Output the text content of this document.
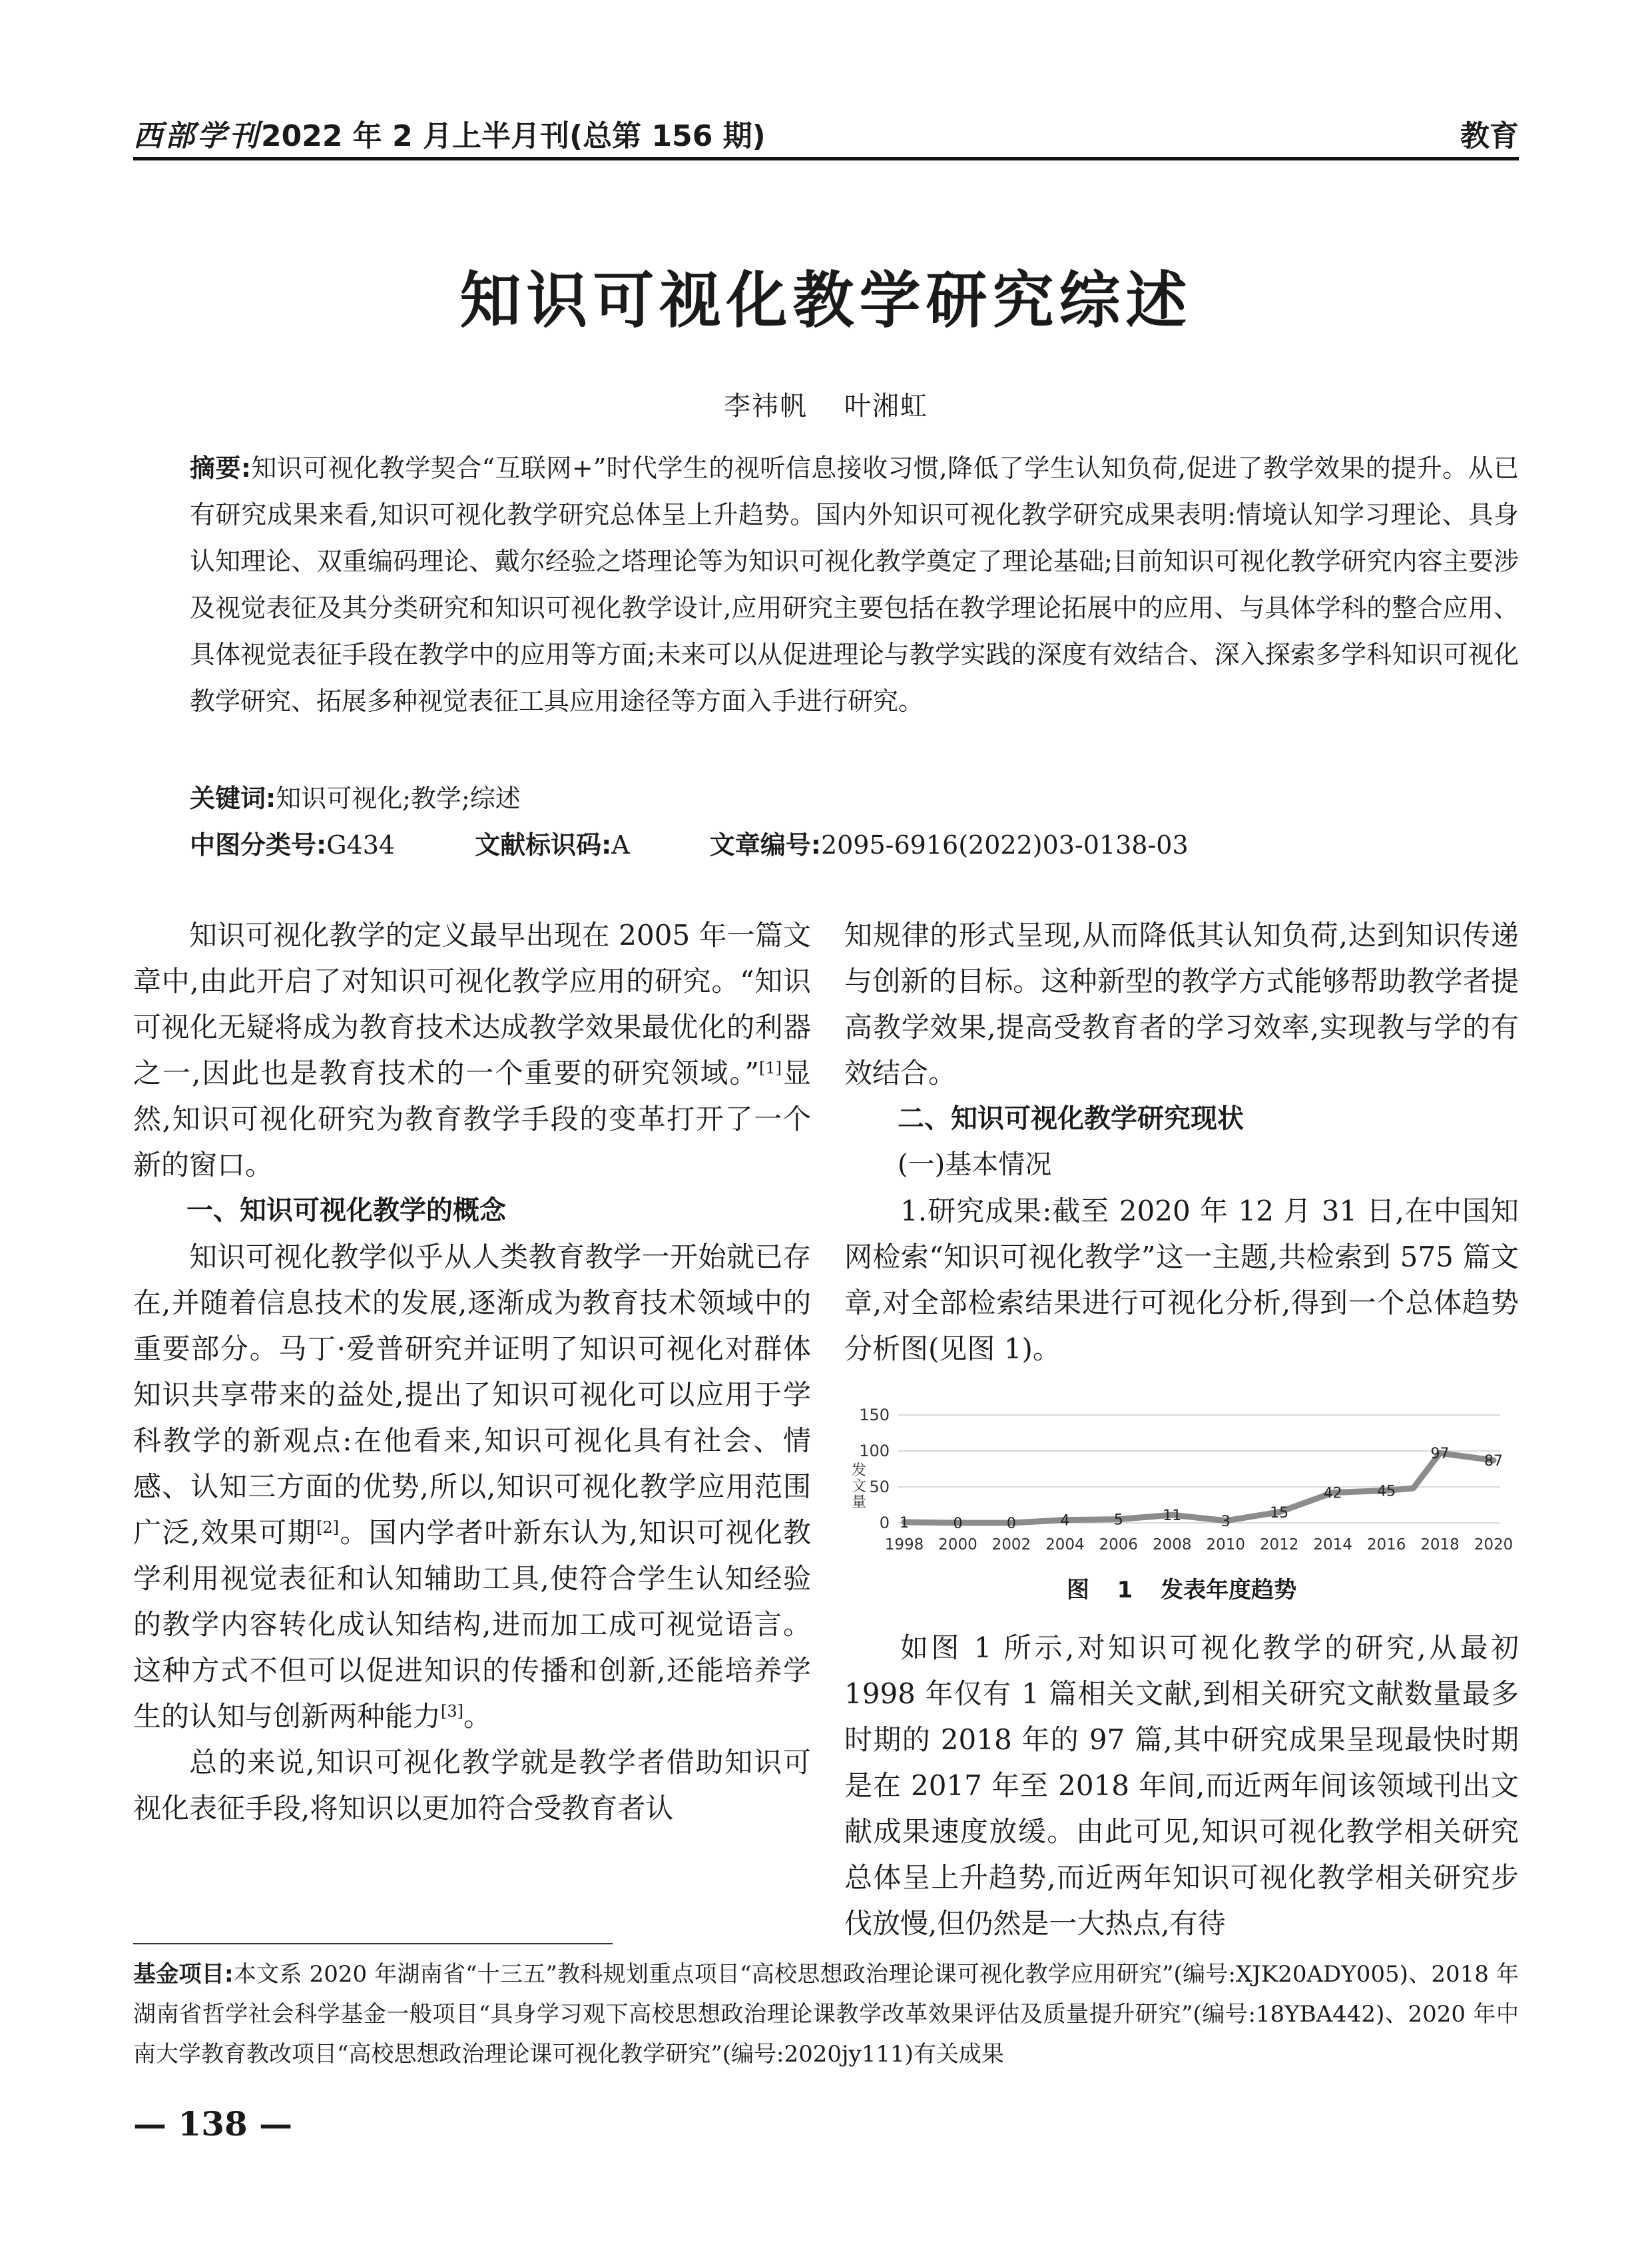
西部学刊2022 年 2 月上半月刊(总第 156 期)	教育
知识可视化教学研究综述
李祎帆 叶湘虹
摘要:知识可视化教学契合“互联网+”时代学生的视听信息接收习惯,降低了学生认知负荷,促进了教学效果的提升。从已有研究成果来看,知识可视化教学研究总体呈上升趋势。国内外知识可视化教学研究成果表明:情境认知学习理论、具身认知理论、双重编码理论、戴尔经验之塔理论等为知识可视化教学奠定了理论基础;目前知识可视化教学研究内容主要涉及视觉表征及其分类研究和知识可视化教学设计,应用研究主要包括在教学理论拓展中的应用、与具体学科的整合应用、具体视觉表征手段在教学中的应用等方面;未来可以从促进理论与教学实践的深度有效结合、深入探索多学科知识可视化教学研究、拓展多种视觉表征工具应用途径等方面入手进行研究。
关键词:知识可视化;教学;综述
中图分类号:G434	文献标识码:A	文章编号:2095-6916(2022)03-0138-03

知识可视化教学的定义最早出现在 2005 年一篇文章中,由此开启了对知识可视化教学应用的研究。“知识可视化无疑将成为教育技术达成教学效果最优化的利器之一,因此也是教育技术的一个重要的研究领域。”[1]显然,知识可视化研究为教育教学手段的变革打开了一个新的窗口。

一、知识可视化教学的概念

知识可视化教学似乎从人类教育教学一开始就已存在,并随着信息技术的发展,逐渐成为教育技术领域中的重要部分。马丁·爱普研究并证明了知识可视化对群体知识共享带来的益处,提出了知识可视化可以应用于学科教学的新观点:在他看来,知识可视化具有社会、情感、认知三方面的优势,所以,知识可视化教学应用范围广泛,效果可期[2]。国内学者叶新东认为,知识可视化教学利用视觉表征和认知辅助工具,使符合学生认知经验的教学内容转化成认知结构,进而加工成可视觉语言。这种方式不但可以促进知识的传播和创新,还能培养学生的认知与创新两种能力[3]。

总的来说,知识可视化教学就是教学者借助知识可视化表征手段,将知识以更加符合受教育者认

知规律的形式呈现,从而降低其认知负荷,达到知识传递与创新的目标。这种新型的教学方式能够帮助教学者提高教学效果,提高受教育者的学习效率,实现教与学的有效结合。

二、知识可视化教学研究现状
(一)基本情况

1.研究成果:截至 2020 年 12 月 31 日,在中国知网检索“知识可视化教学”这一主题,共检索到 575 篇文章,对全部检索结果进行可视化分析,得到一个总体趋势分析图(见图 1)。

0
50
100
150
发
文
量
1	0	0	4	5	11	3
15
42 45
97 87
1998 2000 2002 2004 2006 2008 2010 2012 2014 2016 2018 2020
图 1 发表年度趋势

如图 1 所示,对知识可视化教学的研究,从最初 1998 年仅有 1 篇相关文献,到相关研究文献数量最多时期的 2018 年的 97 篇,其中研究成果呈现最快时期是在 2017 年至 2018 年间,而近两年间该领域刊出文献成果速度放缓。由此可见,知识可视化教学相关研究总体呈上升趋势,而近两年知识可视化教学相关研究步伐放慢,但仍然是一大热点,有待

基金项目:本文系 2020 年湖南省“十三五”教科规划重点项目“高校思想政治理论课可视化教学应用研究”(编号:XJK20ADY005)、2018 年湖南省哲学社会科学基金一般项目“具身学习观下高校思想政治理论课教学改革效果评估及质量提升研究”(编号:18YBA442)、2020 年中南大学教育教改项目“高校思想政治理论课可视化教学研究”(编号:2020jy111)有关成果
— 138 —
